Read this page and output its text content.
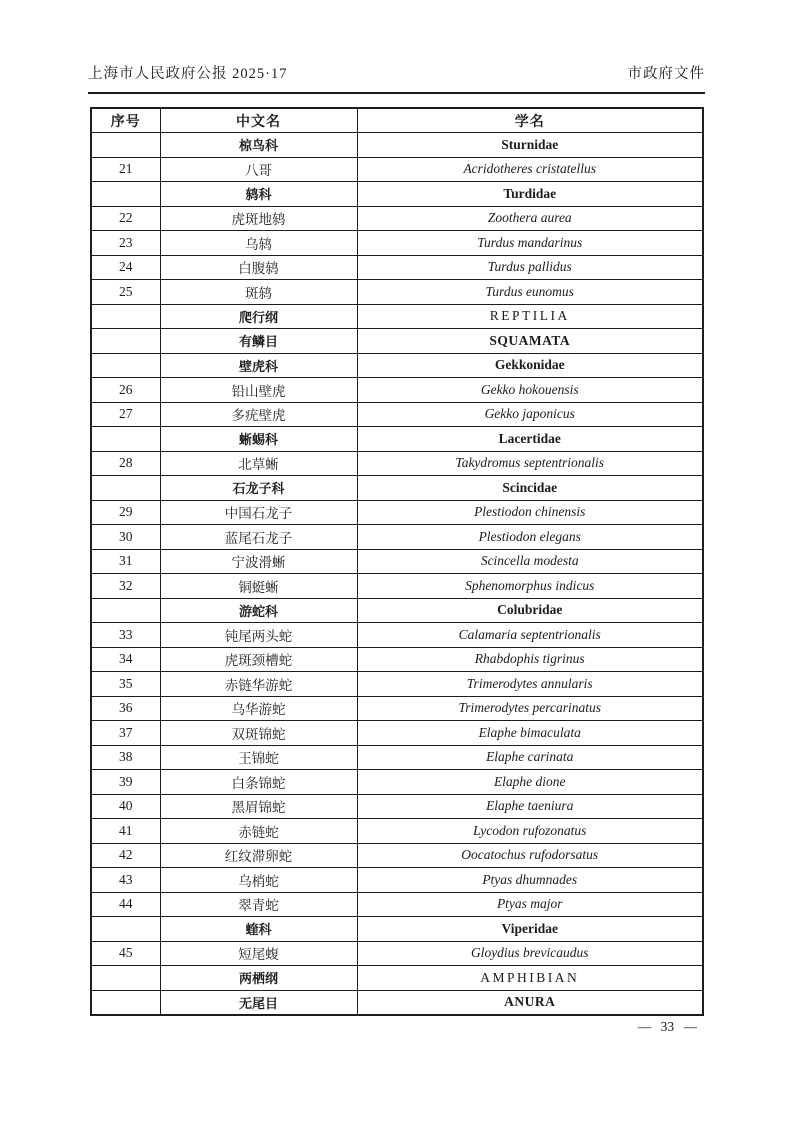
上海市人民政府公报 2025·17	市政府文件
序号	中文名	学名
	椋鸟科	Sturnidae
21	八哥	Acridotheres cristatellus
	鸫科	Turdidae
22	虎斑地鸫	Zoothera aurea
23	乌鸫	Turdus mandarinus
24	白腹鸫	Turdus pallidus
25	斑鸫	Turdus eunomus
	爬行纲	REPTILIA
	有鳞目	SQUAMATA
	壁虎科	Gekkonidae
26	铅山壁虎	Gekko hokouensis
27	多疣壁虎	Gekko japonicus
	蜥蜴科	Lacertidae
28	北草蜥	Takydromus septentrionalis
	石龙子科	Scincidae
29	中国石龙子	Plestiodon chinensis
30	蓝尾石龙子	Plestiodon elegans
31	宁波滑蜥	Scincella modesta
32	铜蜓蜥	Sphenomorphus indicus
	游蛇科	Colubridae
33	钝尾两头蛇	Calamaria septentrionalis
34	虎斑颈槽蛇	Rhabdophis tigrinus
35	赤链华游蛇	Trimerodytes annularis
36	乌华游蛇	Trimerodytes percarinatus
37	双斑锦蛇	Elaphe bimaculata
38	王锦蛇	Elaphe carinata
39	白条锦蛇	Elaphe dione
40	黑眉锦蛇	Elaphe taeniura
41	赤链蛇	Lycodon rufozonatus
42	红纹滞卵蛇	Oocatochus rufodorsatus
43	乌梢蛇	Ptyas dhumnades
44	翠青蛇	Ptyas major
	蝰科	Viperidae
45	短尾蝮	Gloydius brevicaudus
	两栖纲	AMPHIBIAN
	无尾目	ANURA
— 33 —
